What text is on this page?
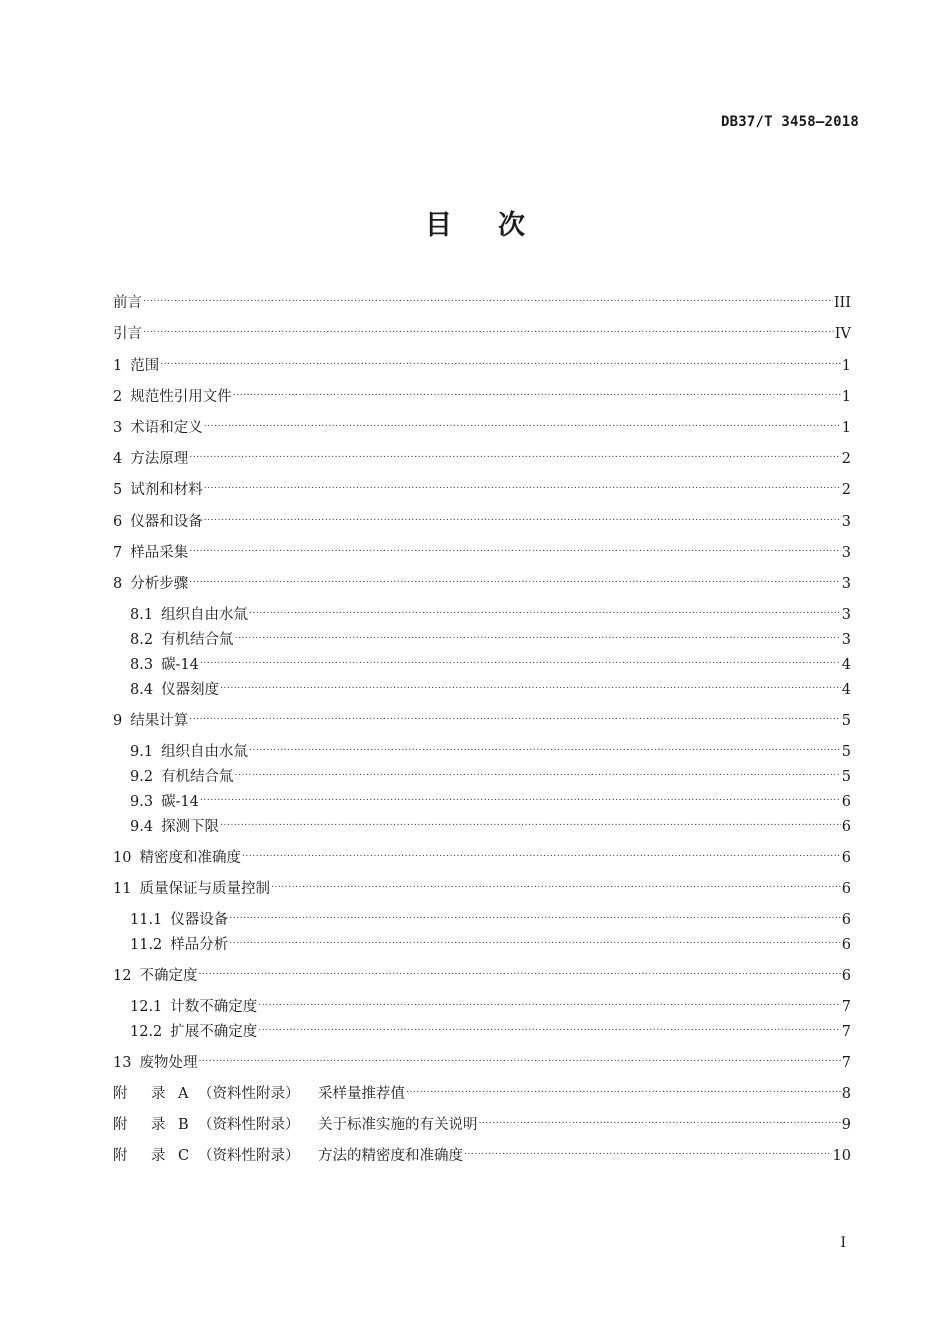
DB37/T 3458—2018
目次
前言 .....	III
引言 .....	IV
1 范围 .....	1
2 规范性引用文件 .....	1
3 术语和定义 .....	1
4 方法原理 .....	2
5 试剂和材料 .....	2
6 仪器和设备 .....	3
7 样品采集 .....	3
8 分析步骤 .....	3
8.1 组织自由水氚 .....	3
8.2 有机结合氚 .....	3
8.3 碳-14 .....	4
8.4 仪器刻度 .....	4
9 结果计算 .....	5
9.1 组织自由水氚 .....	5
9.2 有机结合氚 .....	5
9.3 碳-14 .....	6
9.4 探测下限 .....	6
10 精密度和准确度 .....	6
11 质量保证与质量控制 .....	6
11.1 仪器设备 .....	6
11.2 样品分析 .....	6
12 不确定度 .....	6
12.1 计数不确定度 .....	7
12.2 扩展不确定度 .....	7
13 废物处理 .....	7
附 录 A （资料性附录） 采样量推荐值 .....	8
附 录 B （资料性附录） 关于标准实施的有关说明 .....	9
附 录 C （资料性附录） 方法的精密度和准确度 .....	10
I
